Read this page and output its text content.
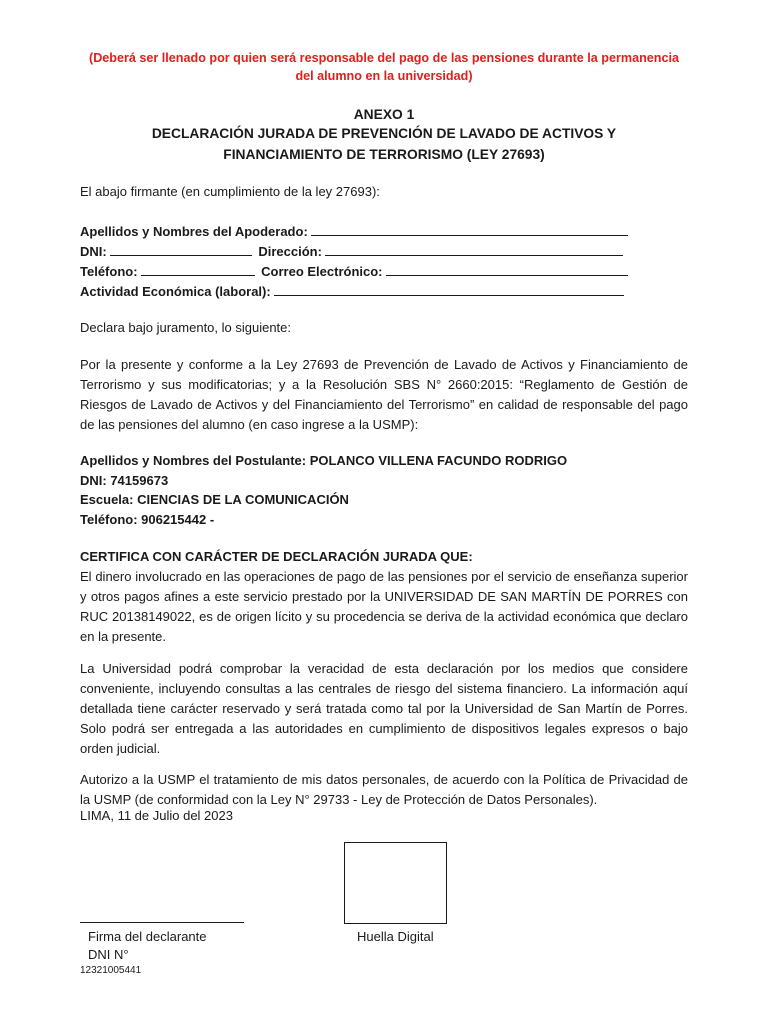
(Deberá ser llenado por quien será responsable del pago de las pensiones durante la permanencia
del alumno en la universidad)
ANEXO 1
DECLARACIÓN JURADA DE PREVENCIÓN DE LAVADO DE ACTIVOS Y
FINANCIAMIENTO DE TERRORISMO (LEY 27693)
El abajo firmante (en cumplimiento de la ley 27693):
Apellidos y Nombres del Apoderado:
DNI:	Dirección:
Teléfono:	Correo Electrónico:
Actividad Económica (laboral):
Declara bajo juramento, lo siguiente:
Por la presente y conforme a la Ley 27693 de Prevención de Lavado de Activos y Financiamiento de Terrorismo y sus modificatorias; y a la Resolución SBS N° 2660:2015: “Reglamento de Gestión de Riesgos de Lavado de Activos y del Financiamiento del Terrorismo” en calidad de responsable del pago de las pensiones del alumno (en caso ingrese a la USMP):
Apellidos y Nombres del Postulante: POLANCO VILLENA FACUNDO RODRIGO
DNI: 74159673
Escuela: CIENCIAS DE LA COMUNICACIÓN
Teléfono: 906215442 -
CERTIFICA CON CARÁCTER DE DECLARACIÓN JURADA QUE:
El dinero involucrado en las operaciones de pago de las pensiones por el servicio de enseñanza superior y otros pagos afines a este servicio prestado por la UNIVERSIDAD DE SAN MARTÍN DE PORRES con RUC 20138149022, es de origen lícito y su procedencia se deriva de la actividad económica que declaro en la presente.
La Universidad podrá comprobar la veracidad de esta declaración por los medios que considere conveniente, incluyendo consultas a las centrales de riesgo del sistema financiero. La información aquí detallada tiene carácter reservado y será tratada como tal por la Universidad de San Martín de Porres. Solo podrá ser entregada a las autoridades en cumplimiento de dispositivos legales expresos o bajo orden judicial.
Autorizo a la USMP el tratamiento de mis datos personales, de acuerdo con la Política de Privacidad de la USMP (de conformidad con la Ley N° 29733 - Ley de Protección de Datos Personales).
LIMA, 11 de Julio del 2023
Firma del declarante	Huella Digital
DNI N°
12321005441
